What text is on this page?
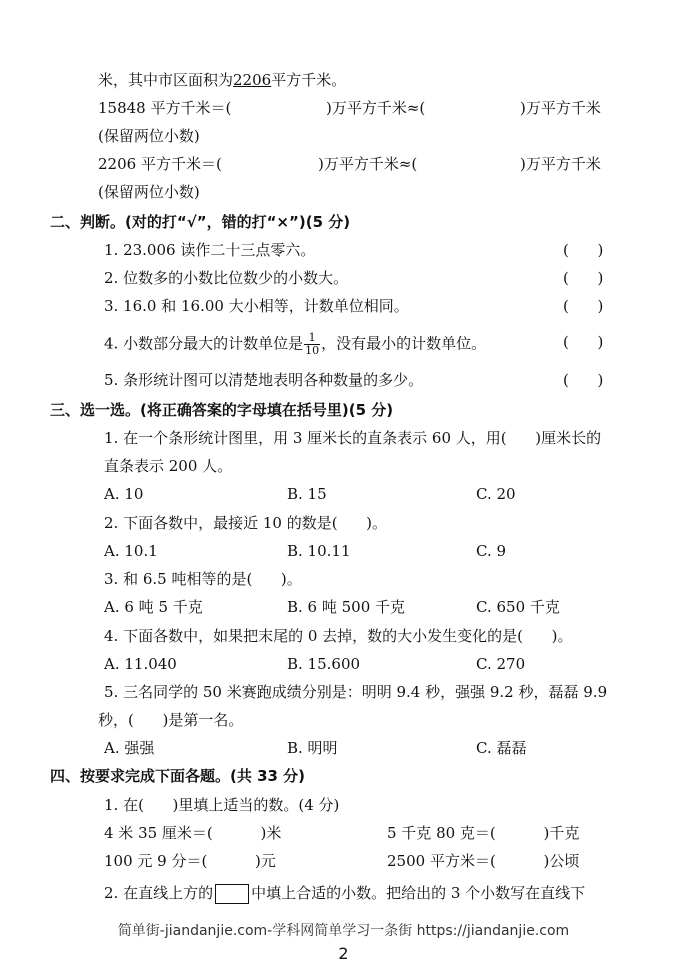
米，其中市区面积为2206平方千米。
15848 平方千米＝(	)万平方千米≈(	)万平方千米
(保留两位小数)
2206 平方千米＝(	)万平方千米≈(	)万平方千米
(保留两位小数)
二、判断。(对的打“√”，错的打“×”)(5 分)
1. 23.006 读作二十三点零六。	(      )
2. 位数多的小数比位数少的小数大。	(      )
3. 16.0 和 16.00 大小相等，计数单位相同。	(      )
4. 小数部分最大的计数单位是 $\frac{1}{10}$ ，没有最小的计数单位。	(      )
5. 条形统计图可以清楚地表明各种数量的多少。	(      )
三、选一选。(将正确答案的字母填在括号里)(5 分)
1. 在一个条形统计图里，用 3 厘米长的直条表示 60 人，用(      )厘米长的
直条表示 200 人。
A. 10	B. 15	C. 20
2. 下面各数中，最接近 10 的数是(      )。
A. 10.1	B. 10.11	C. 9
3. 和 6.5 吨相等的是(      )。
A. 6 吨 5 千克	B. 6 吨 500 千克	C. 650 千克
4. 下面各数中，如果把末尾的 0 去掉，数的大小发生变化的是(      )。
A. 11.040	B. 15.600	C. 270
5. 三名同学的 50 米赛跑成绩分别是：明明 9.4 秒，强强 9.2 秒，磊磊 9.9
秒，(      )是第一名。
A. 强强	B. 明明	C. 磊磊
四、按要求完成下面各题。(共 33 分)
1. 在(      )里填上适当的数。(4 分)
4 米 35 厘米＝(          )米	5 千克 80 克＝(          )千克
100 元 9 分＝(          )元	2500 平方米＝(          )公顷
2. 在直线上方的	中填上合适的小数。把给出的 3 个小数写在直线下
简单街-jiandanjie.com-学科网简单学习一条街 https://jiandanjie.com
2
